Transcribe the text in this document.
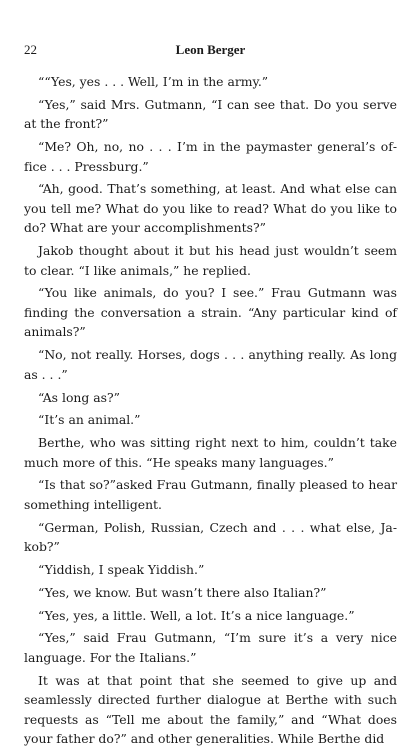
22	Leon Berger

““Yes, yes . . . Well, I’m in the army.”

“Yes,” said Mrs. Gutmann, “I can see that. Do you serve at the front?”

“Me? Oh, no, no . . . I’m in the paymaster general’s office . . . Pressburg.”

“Ah, good. That’s something, at least. And what else can you tell me? What do you like to read? What do you like to do? What are your accomplishments?”

Jakob thought about it but his head just wouldn’t seem to clear. “I like animals,” he replied.

“You like animals, do you? I see.” Frau Gutmann was finding the conversation a strain. “Any particular kind of animals?”

“No, not really. Horses, dogs . . . anything really. As long as . . .”

“As long as?”

“It’s an animal.”

Berthe, who was sitting right next to him, couldn’t take much more of this. “He speaks many languages.”

“Is that so?”asked Frau Gutmann, finally pleased to hear something intelligent.

“German, Polish, Russian, Czech and . . . what else, Jakob?”

“Yiddish, I speak Yiddish.”

“Yes, we know. But wasn’t there also Italian?”

“Yes, yes, a little. Well, a lot. It’s a nice language.”

“Yes,” said Frau Gutmann, “I’m sure it’s a very nice language. For the Italians.”

It was at that point that she seemed to give up and seamlessly directed further dialogue at Berthe with such requests as “Tell me about the family,” and “What does your father do?” and other generalities. While Berthe did
